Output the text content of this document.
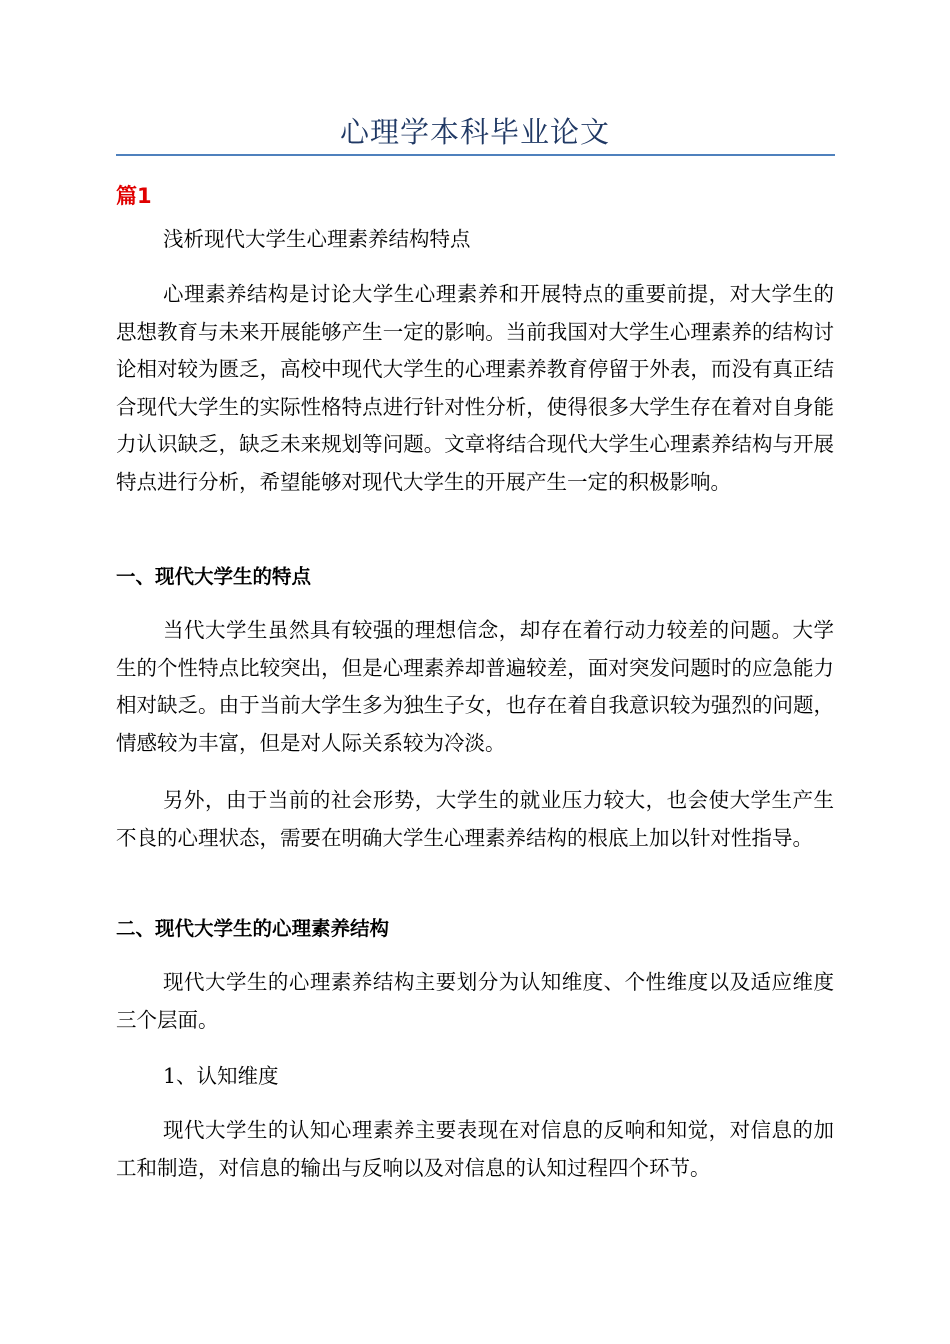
心理学本科毕业论文
篇1
浅析现代大学生心理素养结构特点
心理素养结构是讨论大学生心理素养和开展特点的重要前提，对大学生的思想教育与未来开展能够产生一定的影响。当前我国对大学生心理素养的结构讨论相对较为匮乏，高校中现代大学生的心理素养教育停留于外表，而没有真正结合现代大学生的实际性格特点进行针对性分析，使得很多大学生存在着对自身能力认识缺乏，缺乏未来规划等问题。文章将结合现代大学生心理素养结构与开展特点进行分析，希望能够对现代大学生的开展产生一定的积极影响。
一、现代大学生的特点
当代大学生虽然具有较强的理想信念，却存在着行动力较差的问题。大学生的个性特点比较突出，但是心理素养却普遍较差，面对突发问题时的应急能力相对缺乏。由于当前大学生多为独生子女，也存在着自我意识较为强烈的问题，情感较为丰富，但是对人际关系较为冷淡。
另外，由于当前的社会形势，大学生的就业压力较大，也会使大学生产生不良的心理状态，需要在明确大学生心理素养结构的根底上加以针对性指导。
二、现代大学生的心理素养结构
现代大学生的心理素养结构主要划分为认知维度、个性维度以及适应维度三个层面。
1、认知维度
现代大学生的认知心理素养主要表现在对信息的反响和知觉，对信息的加工和制造，对信息的输出与反响以及对信息的认知过程四个环节。
